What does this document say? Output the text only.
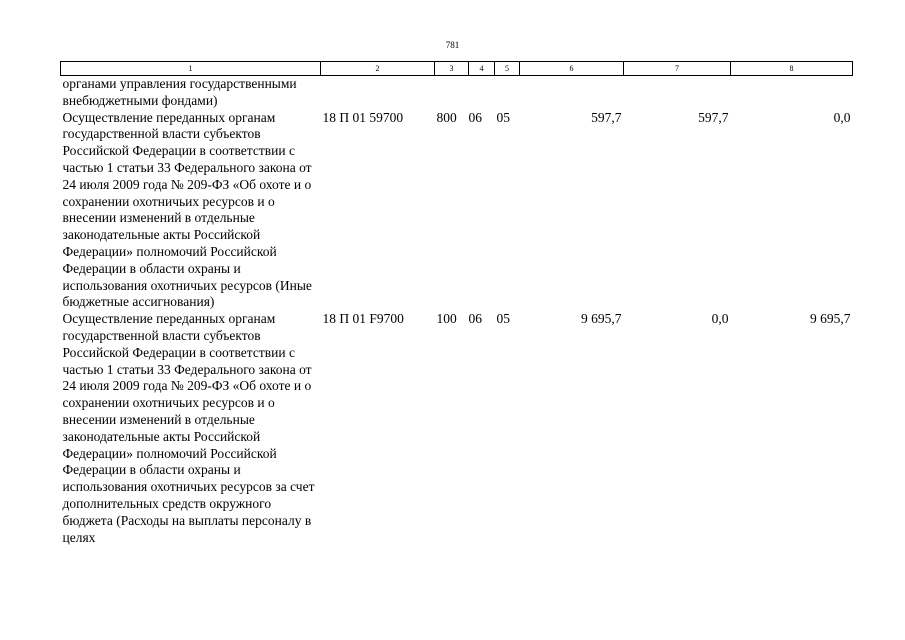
781
1	2	3	4	5	6	7	8
органами управления государственными внебюджетными фондами)							
Осуществление переданных органам государственной власти субъектов Российской Федерации в соответствии с частью 1 статьи 33 Федерального закона от 24 июля 2009 года № 209-ФЗ «Об охоте и о сохранении охотничьих ресурсов и о внесении изменений в отдельные законодательные акты Российской Федерации» полномочий Российской Федерации в области охраны и использования охотничьих ресурсов (Иные бюджетные ассигнования)	18 П 01 59700	800	06	05	597,7	597,7	0,0
Осуществление переданных органам государственной власти субъектов Российской Федерации в соответствии с частью 1 статьи 33 Федерального закона от 24 июля 2009 года № 209-ФЗ «Об охоте и о сохранении охотничьих ресурсов и о внесении изменений в отдельные законодательные акты Российской Федерации» полномочий Российской Федерации в области охраны и использования охотничьих ресурсов за счет дополнительных средств окружного бюджета (Расходы на выплаты персоналу в целях	18 П 01 F9700	100	06	05	9 695,7	0,0	9 695,7
